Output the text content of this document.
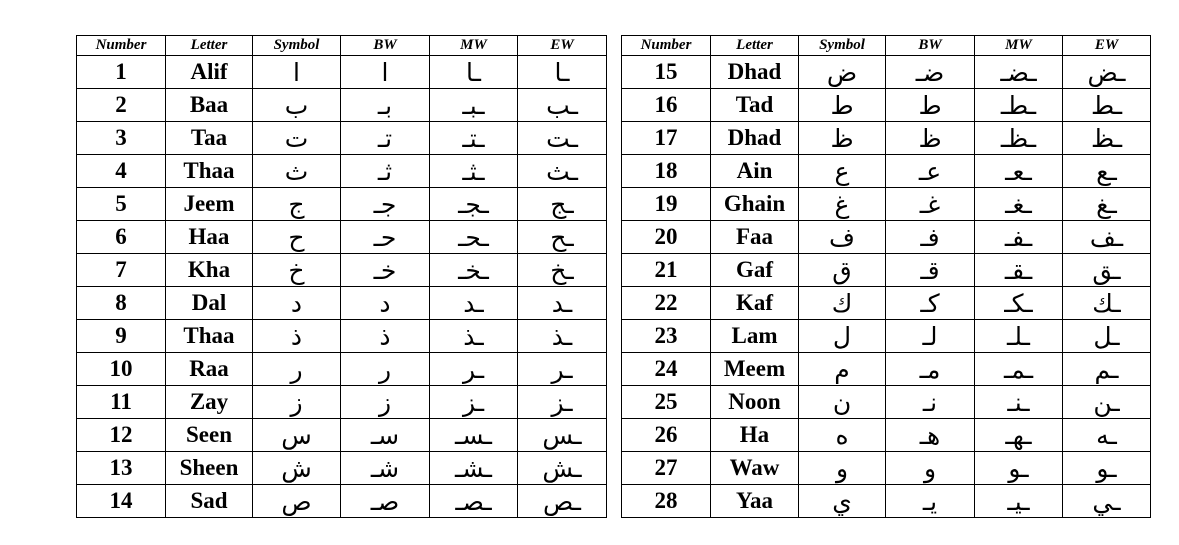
Number	Letter	Symbol	BW	MW	EW
1	Alif	ا	ا	ـا	ـا
2	Baa	ب	بـ	ـبـ	ـب
3	Taa	ت	تـ	ـتـ	ـت
4	Thaa	ث	ثـ	ـثـ	ـث
5	Jeem	ج	جـ	ـجـ	ـج
6	Haa	ح	حـ	ـحـ	ـح
7	Kha	خ	خـ	ـخـ	ـخ
8	Dal	د	د	ـد	ـد
9	Thaa	ذ	ذ	ـذ	ـذ
10	Raa	ر	ر	ـر	ـر
11	Zay	ز	ز	ـز	ـز
12	Seen	س	سـ	ـسـ	ـس
13	Sheen	ش	شـ	ـشـ	ـش
14	Sad	ص	صـ	ـصـ	ـص
Number	Letter	Symbol	BW	MW	EW
15	Dhad	ض	ضـ	ـضـ	ـض
16	Tad	ط	ط	ـطـ	ـط
17	Dhad	ظ	ظ	ـظـ	ـظ
18	Ain	ع	عـ	ـعـ	ـع
19	Ghain	غ	غـ	ـغـ	ـغ
20	Faa	ف	فـ	ـفـ	ـف
21	Gaf	ق	قـ	ـقـ	ـق
22	Kaf	ك	كـ	ـكـ	ـك
23	Lam	ل	لـ	ـلـ	ـل
24	Meem	م	مـ	ـمـ	ـم
25	Noon	ن	نـ	ـنـ	ـن
26	Ha	ه	هـ	ـهـ	ـه
27	Waw	و	و	ـو	ـو
28	Yaa	ي	يـ	ـيـ	ـي
